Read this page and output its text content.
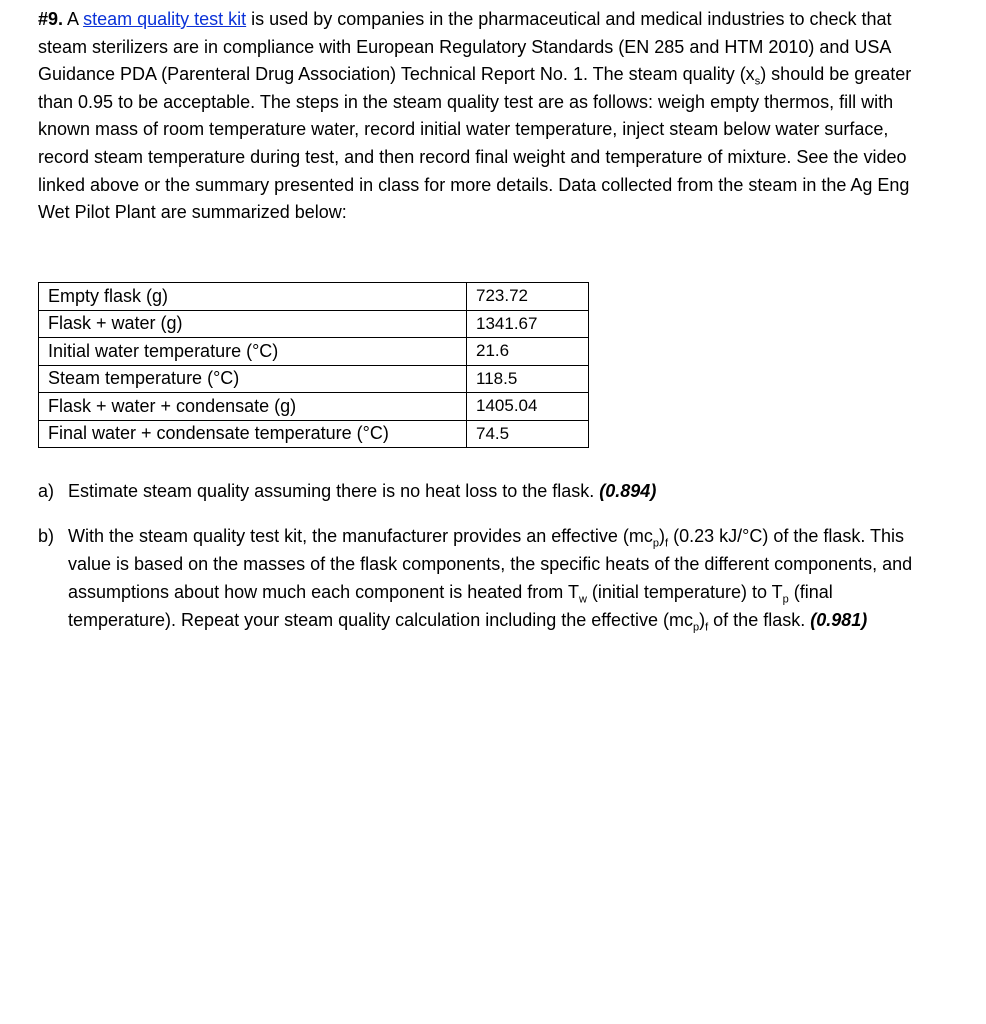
#9. A steam quality test kit is used by companies in the pharmaceutical and medical industries to check that steam sterilizers are in compliance with European Regulatory Standards (EN 285 and HTM 2010) and USA Guidance PDA (Parenteral Drug Association) Technical Report No. 1. The steam quality $(x_s)$ should be greater than 0.95 to be acceptable. The steps in the steam quality test are as follows: weigh empty thermos, fill with known mass of room temperature water, record initial water temperature, inject steam below water surface, record steam temperature during test, and then record final weight and temperature of mixture. See the video linked above or the summary presented in class for more details. Data collected from the steam in the Ag Eng Wet Pilot Plant are summarized below:

Empty flask (g)	723.72
Flask + water (g)	1341.67
Initial water temperature (°C)	21.6
Steam temperature (°C)	118.5
Flask + water + condensate (g)	1405.04
Final water + condensate temperature (°C)	74.5
a) Estimate steam quality assuming there is no heat loss to the flask. (0.894)
b) With the steam quality test kit, the manufacturer provides an effective $(mc_p)_f$ (0.23 kJ/°C) of the flask. This value is based on the masses of the flask components, the specific heats of the different components, and assumptions about how much each component is heated from $T_w$ (initial temperature) to $T_p$ (final temperature). Repeat your steam quality calculation including the effective $(mc_p)_f$ of the flask. (0.981)
